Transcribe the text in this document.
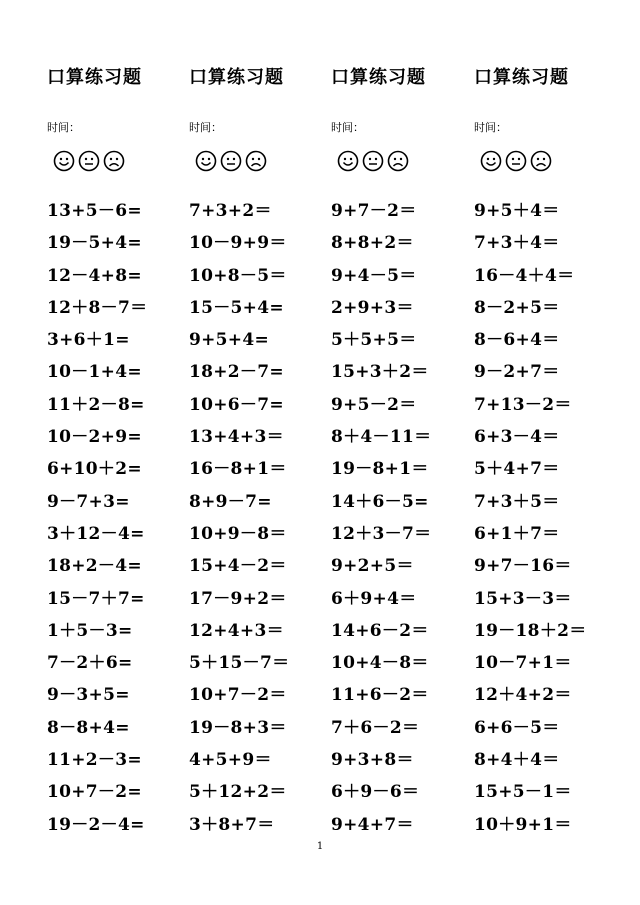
口算练习题
时间：
13+5－6=
19－5+4=
12－4+8=
12＋8－7＝
3+6＋1=
10－1+4=
11＋2－8=
10－2+9=
6+10＋2=
9－7+3=
3＋12－4=
18+2－4=
15－7＋7=
1＋5－3=
7－2＋6=
9－3+5=
8－8+4=
11+2－3=
10+7－2=
19－2－4=
口算练习题
时间：
7+3+2＝
10－9+9＝
10+8－5＝
15－5+4=
9+5+4=
18+2－7=
10+6－7=
13+4+3＝
16－8+1＝
8+9－7=
10+9－8＝
15+4－2＝
17－9+2＝
12+4+3＝
5＋15－7＝
10+7－2＝
19－8+3＝
4+5+9＝
5＋12+2＝
3＋8+7＝
口算练习题
时间：
9+7－2＝
8+8+2＝
9+4－5＝
2+9+3＝
5＋5+5＝
15+3＋2＝
9+5－2＝
8＋4－11＝
19－8+1＝
14＋6－5=
12＋3－7＝
9+2+5＝
6＋9+4＝
14+6－2＝
10+4－8＝
11+6－2＝
7＋6－2＝
9+3+8＝
6＋9－6＝
9+4+7＝
口算练习题
时间：
9+5＋4＝
7+3＋4＝
16－4＋4＝
8－2+5＝
8－6+4＝
9－2+7＝
7+13－2＝
6+3－4＝
5＋4+7＝
7+3＋5＝
6+1＋7＝
9+7－16＝
15+3－3＝
19－18＋2＝
10－7+1＝
12＋4+2＝
6+6－5＝
8+4＋4＝
15+5－1＝
10＋9+1＝
1
